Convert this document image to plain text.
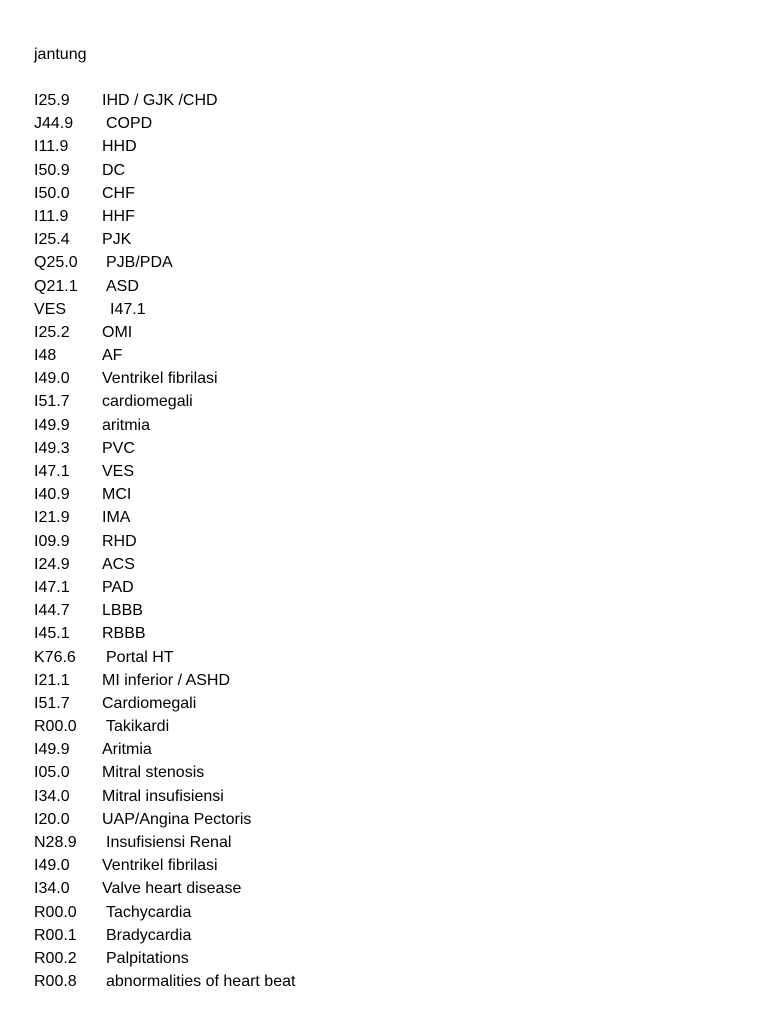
jantung
I25.9 IHD / GJK /CHD
J44.9 COPD
I11.9 HHD
I50.9 DC
I50.0 CHF
I11.9 HHF
I25.4 PJK
Q25.0 PJB/PDA
Q21.1 ASD
VES	I47.1
I25.2 OMI
I48	AF
I49.0 Ventrikel fibrilasi
I51.7 cardiomegali
I49.9 aritmia
I49.3 PVC
I47.1 VES
I40.9 MCI
I21.9 IMA
I09.9 RHD
I24.9 ACS
I47.1 PAD
I44.7 LBBB
I45.1 RBBB
K76.6 Portal HT
I21.1 MI inferior / ASHD
I51.7 Cardiomegali
R00.0 Takikardi
I49.9 Aritmia
I05.0 Mitral stenosis
I34.0 Mitral insufisiensi
I20.0 UAP/Angina Pectoris
N28.9 Insufisiensi Renal
I49.0 Ventrikel fibrilasi
I34.0 Valve heart disease
R00.0 Tachycardia
R00.1 Bradycardia
R00.2 Palpitations
R00.8 abnormalities of heart beat
